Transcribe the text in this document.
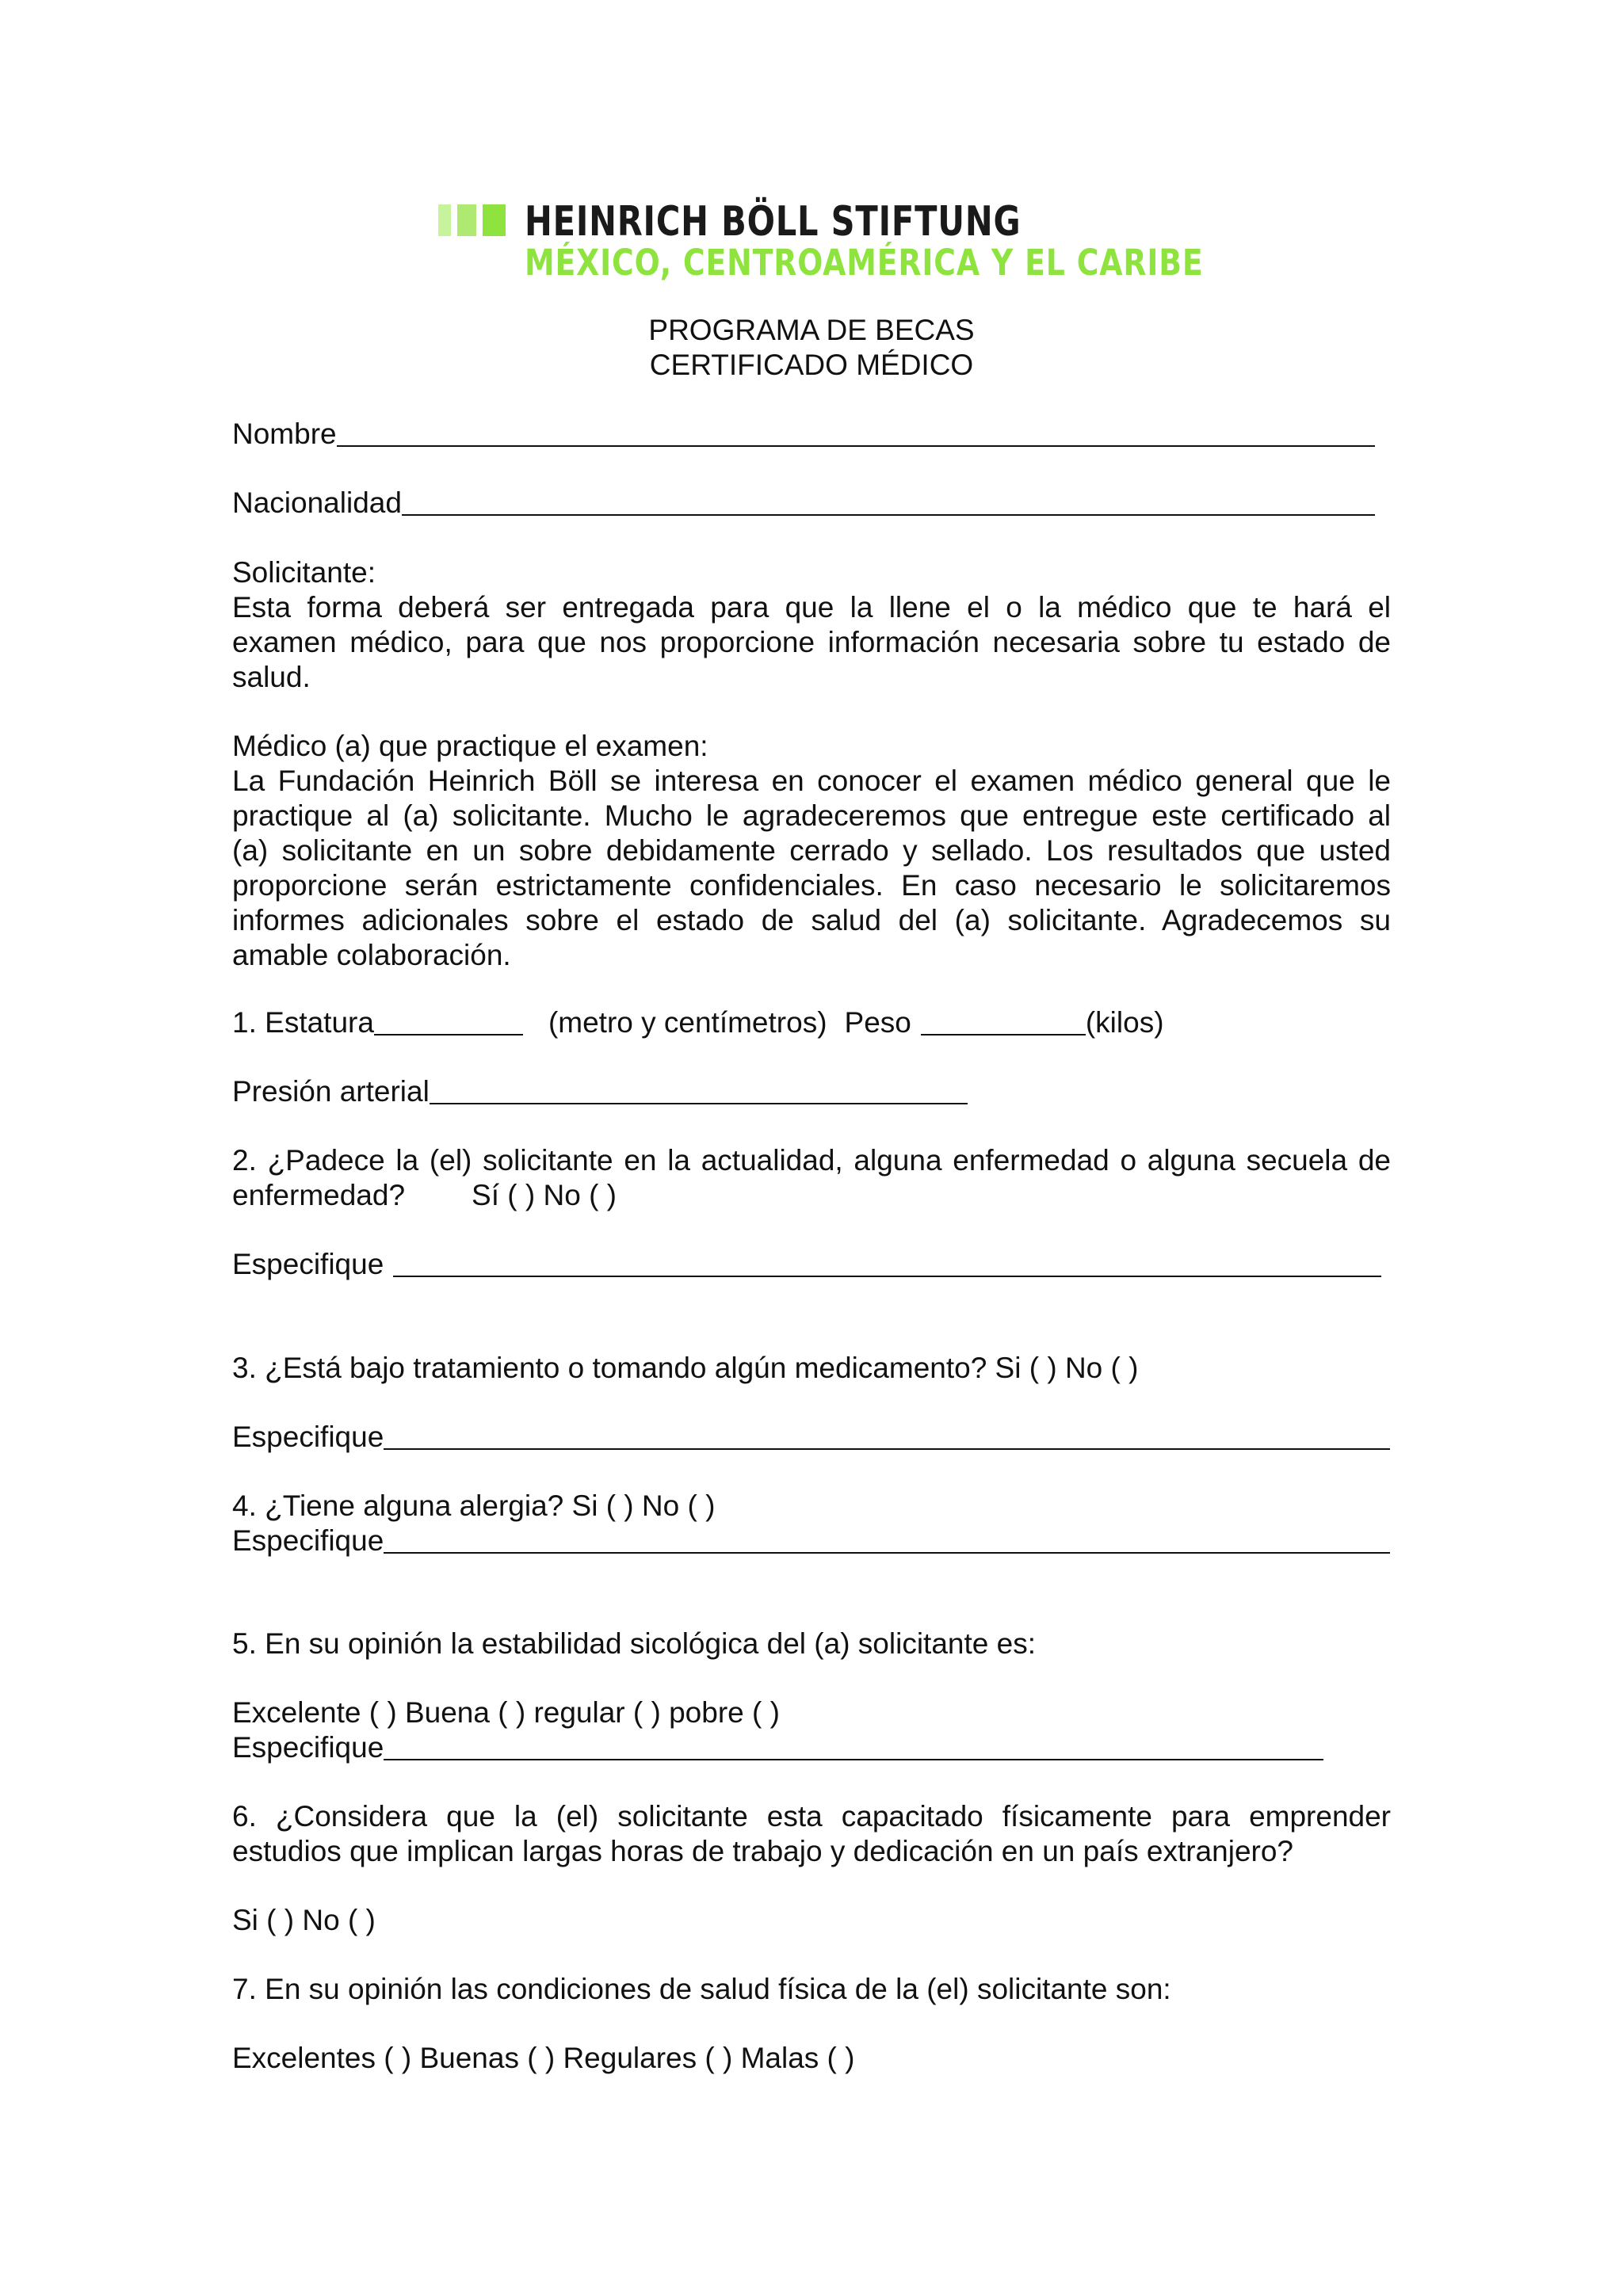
HEINRICH BÖLL STIFTUNG
MÉXICO, CENTROAMÉRICA Y EL CARIBE
PROGRAMA DE BECAS
CERTIFICADO MÉDICO
Nombre
Nacionalidad
Solicitante:
Esta forma deberá ser entregada para que la llene el o la médico que te hará el
examen médico, para que nos proporcione información necesaria sobre tu estado de
salud.
Médico (a) que practique el examen:
La Fundación Heinrich Böll se interesa en conocer el examen médico general que le
practique al (a) solicitante. Mucho le agradeceremos que entregue este certificado al
(a) solicitante en un sobre debidamente cerrado y sellado. Los resultados que usted
proporcione serán estrictamente confidenciales. En caso necesario le solicitaremos
informes adicionales sobre el estado de salud del (a) solicitante. Agradecemos su
amable colaboración.
1. Estatura	(metro y centímetros) Peso	(kilos)
Presión arterial
2. ¿Padece la (el) solicitante en la actualidad, alguna enfermedad o alguna secuela de
enfermedad? Sí ( ) No ( )
Especifique
3. ¿Está bajo tratamiento o tomando algún medicamento? Si ( ) No ( )
Especifique
4. ¿Tiene alguna alergia? Si ( ) No ( )
Especifique
5. En su opinión la estabilidad sicológica del (a) solicitante es:
Excelente ( ) Buena ( ) regular ( ) pobre ( )
Especifique
6. ¿Considera que la (el) solicitante esta capacitado físicamente para emprender
estudios que implican largas horas de trabajo y dedicación en un país extranjero?
Si ( ) No ( )
7. En su opinión las condiciones de salud física de la (el) solicitante son:
Excelentes ( ) Buenas ( ) Regulares ( ) Malas ( )
